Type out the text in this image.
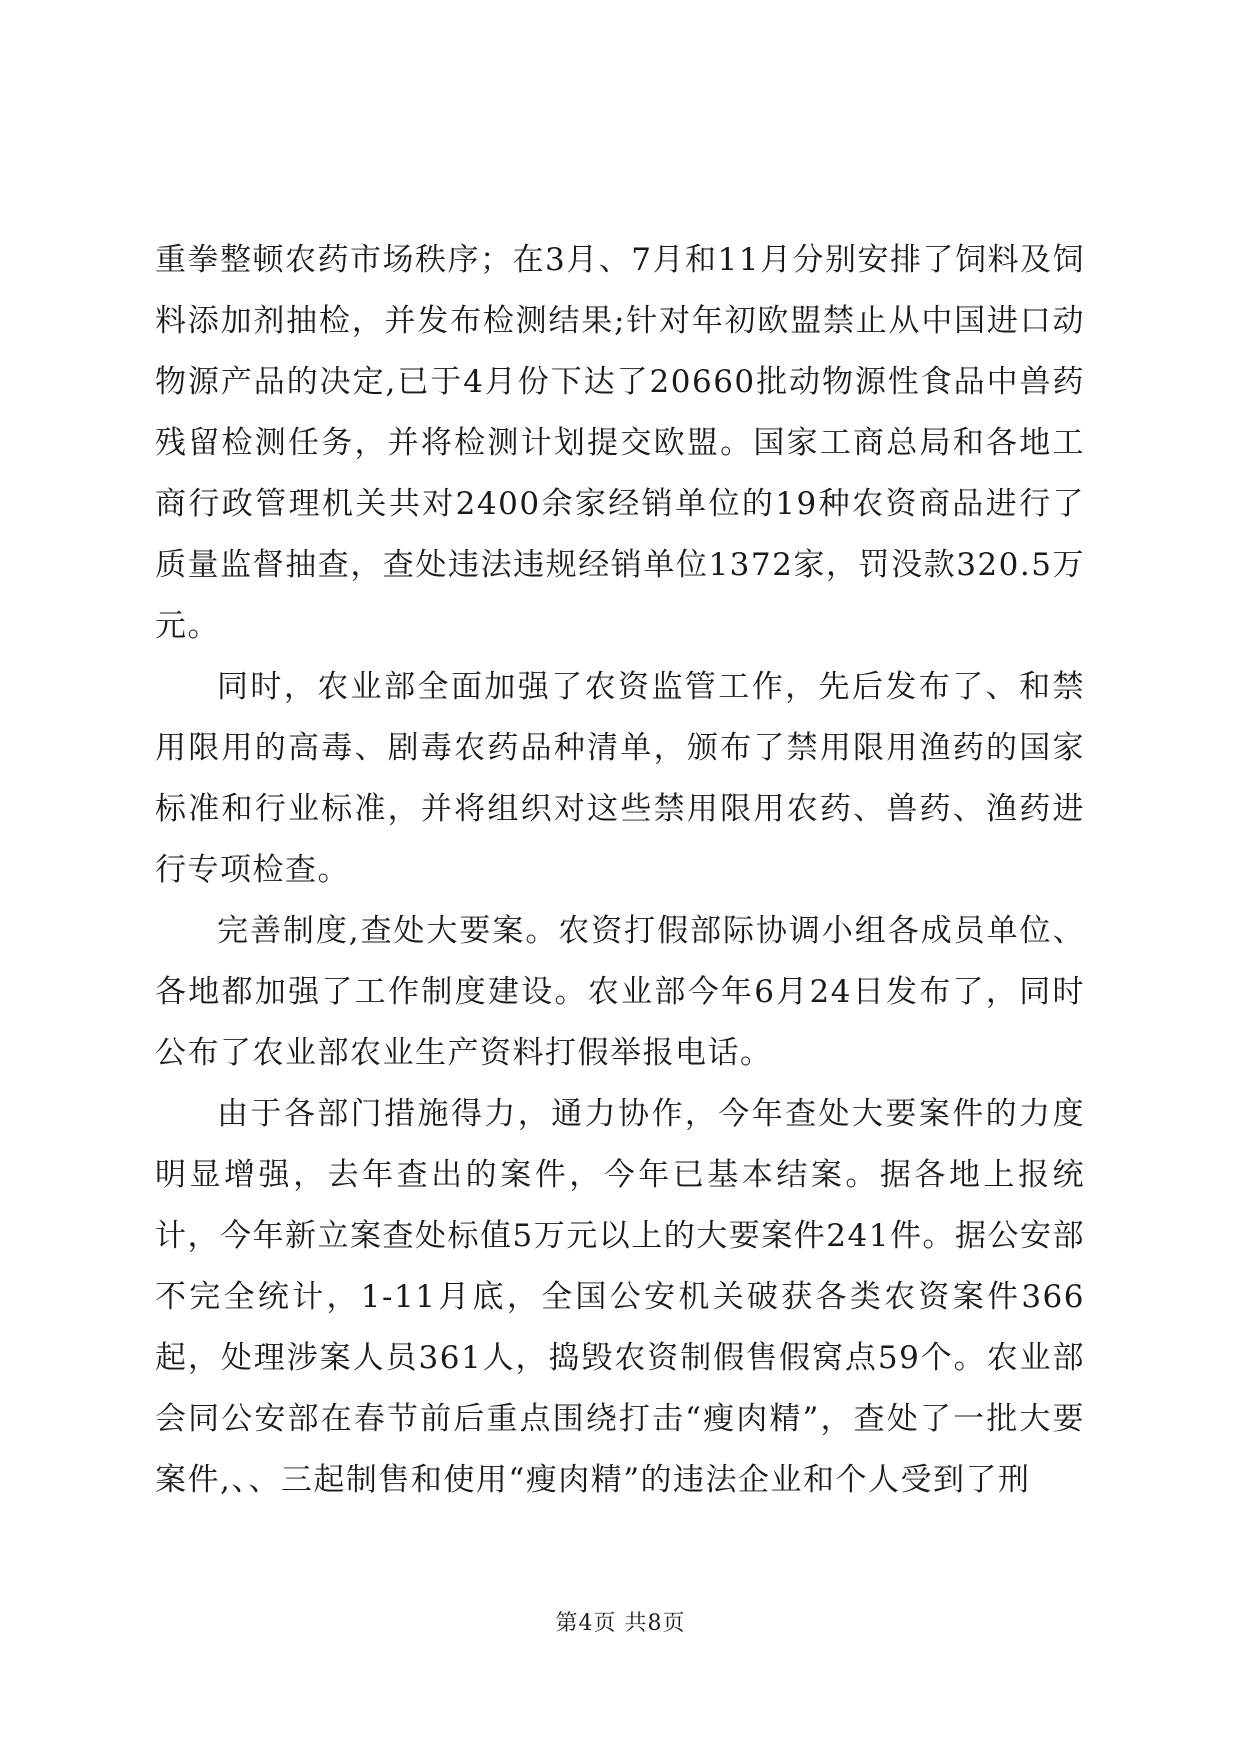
重拳整顿农药市场秩序；在3月、7月和11月分别安排了饲料及饲料添加剂抽检，并发布检测结果;针对年初欧盟禁止从中国进口动物源产品的决定,已于4月份下达了20660批动物源性食品中兽药残留检测任务，并将检测计划提交欧盟。国家工商总局和各地工商行政管理机关共对2400余家经销单位的19种农资商品进行了质量监督抽查，查处违法违规经销单位1372家，罚没款320.5万元。

同时，农业部全面加强了农资监管工作，先后发布了、和禁用限用的高毒、剧毒农药品种清单，颁布了禁用限用渔药的国家标准和行业标准，并将组织对这些禁用限用农药、兽药、渔药进行专项检查。

完善制度,查处大要案。农资打假部际协调小组各成员单位、各地都加强了工作制度建设。农业部今年6月24日发布了，同时公布了农业部农业生产资料打假举报电话。

由于各部门措施得力，通力协作，今年查处大要案件的力度明显增强，去年查出的案件，今年已基本结案。据各地上报统计，今年新立案查处标值5万元以上的大要案件241件。据公安部不完全统计，1-11月底，全国公安机关破获各类农资案件366起，处理涉案人员361人，捣毁农资制假售假窝点59个。农业部会同公安部在春节前后重点围绕打击“瘦肉精”，查处了一批大要案件,、、三起制售和使用“瘦肉精”的违法企业和个人受到了刑

第4页 共8页
